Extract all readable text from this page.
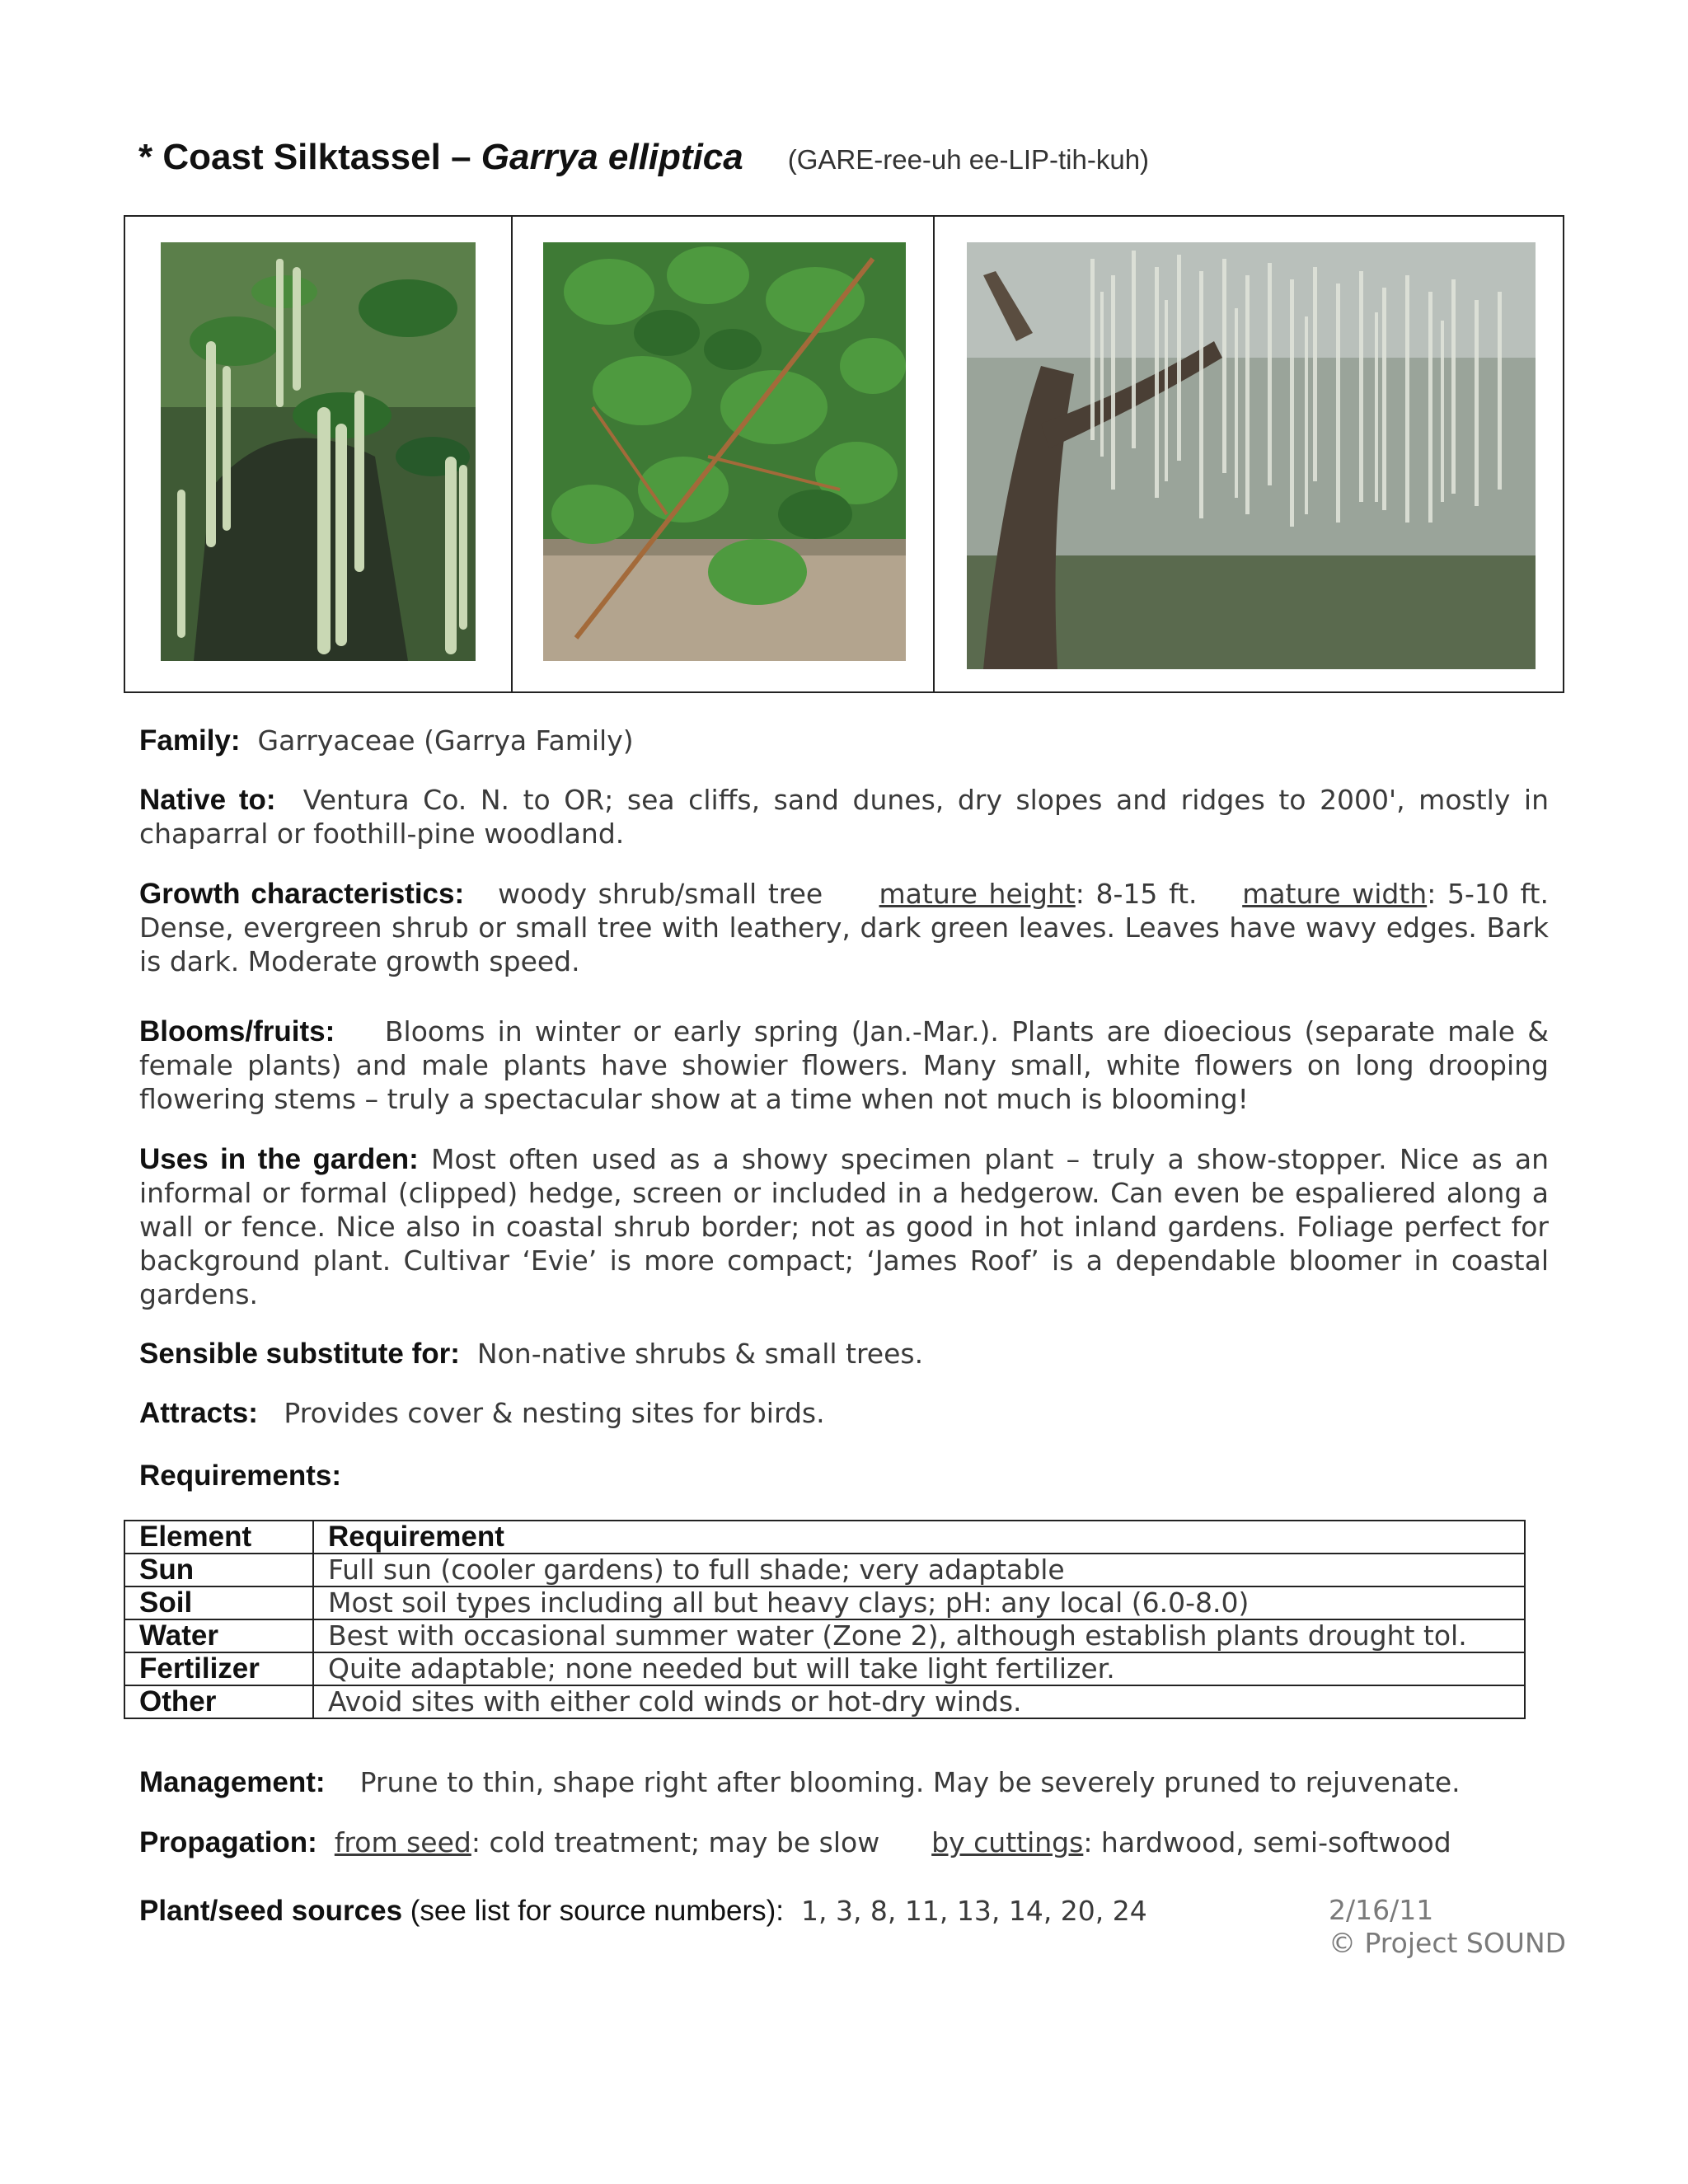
* Coast Silktassel – Garrya elliptica (GARE-ree-uh ee-LIP-tih-kuh)
Family: Garryaceae (Garrya Family)
Native to: Ventura Co. N. to OR; sea cliffs, sand dunes, dry slopes and ridges to 2000', mostly in chaparral or foothill-pine woodland.
Growth characteristics: woody shrub/small tree mature height: 8-15 ft. mature width: 5-10 ft. Dense, evergreen shrub or small tree with leathery, dark green leaves. Leaves have wavy edges. Bark is dark. Moderate growth speed.
Blooms/fruits: Blooms in winter or early spring (Jan.-Mar.). Plants are dioecious (separate male & female plants) and male plants have showier flowers. Many small, white flowers on long drooping flowering stems – truly a spectacular show at a time when not much is blooming!
Uses in the garden: Most often used as a showy specimen plant – truly a show-stopper. Nice as an informal or formal (clipped) hedge, screen or included in a hedgerow. Can even be espaliered along a wall or fence. Nice also in coastal shrub border; not as good in hot inland gardens. Foliage perfect for background plant. Cultivar ‘Evie’ is more compact; ‘James Roof’ is a dependable bloomer in coastal gardens.
Sensible substitute for: Non-native shrubs & small trees.
Attracts: Provides cover & nesting sites for birds.
Requirements:
Element	Requirement
Sun	Full sun (cooler gardens) to full shade; very adaptable
Soil	Most soil types including all but heavy clays; pH: any local (6.0-8.0)
Water	Best with occasional summer water (Zone 2), although establish plants drought tol.
Fertilizer	Quite adaptable; none needed but will take light fertilizer.
Other	Avoid sites with either cold winds or hot-dry winds.
Management: Prune to thin, shape right after blooming. May be severely pruned to rejuvenate.
Propagation: from seed: cold treatment; may be slow by cuttings: hardwood, semi-softwood
Plant/seed sources (see list for source numbers): 1, 3, 8, 11, 13, 14, 20, 24	2/16/11
© Project SOUND
